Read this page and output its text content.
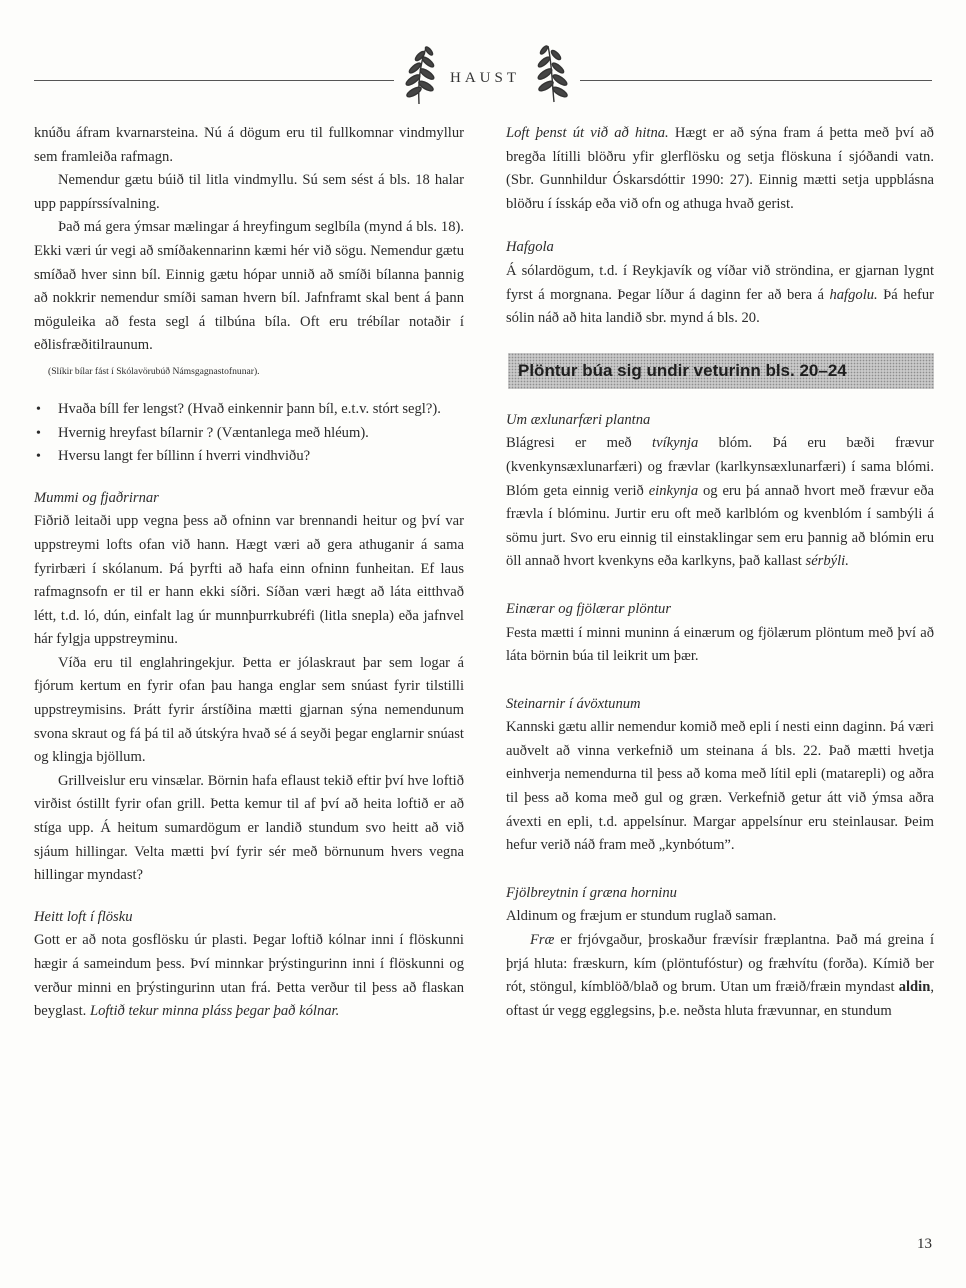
HAUST

knúðu áfram kvarnarsteina. Nú á dögum eru til fullkomnar vindmyllur sem framleiða rafmagn.

Nemendur gætu búið til litla vindmyllu. Sú sem sést á bls. 18 halar upp pappírssívalning.

Það má gera ýmsar mælingar á hreyfingum seglbíla (mynd á bls. 18). Ekki væri úr vegi að smíðakennarinn kæmi hér við sögu. Nemendur gætu smíðað hver sinn bíl. Einnig gætu hópar unnið að smíði bílanna þannig að nokkrir nemendur smíði saman hvern bíl. Jafnframt skal bent á þann möguleika að festa segl á tilbúna bíla. Oft eru trébílar notaðir í eðlisfræðitilraunum.

(Slíkir bílar fást í Skólavörubúð Námsgagnastofnunar).

• Hvaða bíll fer lengst? (Hvað einkennir þann bíl, e.t.v. stórt segl?).
• Hvernig hreyfast bílarnir ? (Væntanlega með hléum).
• Hversu langt fer bíllinn í hverri vindhviðu?
Mummi og fjaðrirnar

Fiðrið leitaði upp vegna þess að ofninn var brennandi heitur og því var uppstreymi lofts ofan við hann. Hægt væri að gera athuganir á sama fyrirbæri í skólanum. Þá þyrfti að hafa einn ofninn funheitan. Ef laus rafmagnsofn er til er hann ekki síðri. Síðan væri hægt að láta eitthvað létt, t.d. ló, dún, einfalt lag úr munnþurrkubréfi (litla snepla) eða jafnvel hár fylgja uppstreyminu.

Víða eru til englahringekjur. Þetta er jólaskraut þar sem logar á fjórum kertum en fyrir ofan þau hanga englar sem snúast fyrir tilstilli uppstreymisins. Þrátt fyrir árstíðina mætti gjarnan sýna nemendunum svona skraut og fá þá til að útskýra hvað sé á seyði þegar englarnir snúast og klingja bjöllum.

Grillveislur eru vinsælar. Börnin hafa eflaust tekið eftir því hve loftið virðist óstillt fyrir ofan grill. Þetta kemur til af því að heita loftið er að stíga upp. Á heitum sumardögum er landið stundum svo heitt að við sjáum hillingar. Velta mætti því fyrir sér með börnunum hvers vegna hillingar myndast?

Heitt loft í flösku

Gott er að nota gosflösku úr plasti. Þegar loftið kólnar inni í flöskunni hægir á sameindum þess. Því minnkar þrýstingurinn inni í flöskunni og verður minni en þrýstingurinn utan frá. Þetta verður til þess að flaskan beyglast. Loftið tekur minna pláss þegar það kólnar.

Loft þenst út við að hitna. Hægt er að sýna fram á þetta með því að bregða lítilli blöðru yfir glerflösku og setja flöskuna í sjóðandi vatn. (Sbr. Gunnhildur Óskarsdóttir 1990: 27). Einnig mætti setja uppblásna blöðru í ísskáp eða við ofn og athuga hvað gerist.

Hafgola

Á sólardögum, t.d. í Reykjavík og víðar við ströndina, er gjarnan lygnt fyrst á morgnana. Þegar líður á daginn fer að bera á hafgolu. Þá hefur sólin náð að hita landið sbr. mynd á bls. 20.

Plöntur búa sig undir veturinn bls. 20–24
Um æxlunarfæri plantna

Blágresi er með tvíkynja blóm. Þá eru bæði frævur (kvenkynsæxlunarfæri) og frævlar (karlkynsæxlunarfæri) í sama blómi. Blóm geta einnig verið einkynja og eru þá annað hvort með frævur eða frævla í blóminu. Jurtir eru oft með karlblóm og kvenblóm í sambýli á sömu jurt. Svo eru einnig til einstaklingar sem eru þannig að blómin eru öll annað hvort kvenkyns eða karlkyns, það kallast sérbýli.

Einærar og fjölærar plöntur

Festa mætti í minni muninn á einærum og fjölærum plöntum með því að láta börnin búa til leikrit um þær.

Steinarnir í ávöxtunum

Kannski gætu allir nemendur komið með epli í nesti einn daginn. Þá væri auðvelt að vinna verkefnið um steinana á bls. 22. Það mætti hvetja einhverja nemendurna til þess að koma með lítil epli (matarepli) og aðra til þess að koma með gul og græn. Verkefnið getur átt við ýmsa aðra ávexti en epli, t.d. appelsínur. Margar appelsínur eru steinlausar. Þeim hefur verið náð fram með „kynbótum”.

Fjölbreytnin í græna horninu

Aldinum og fræjum er stundum ruglað saman.

Fræ er frjóvgaður, þroskaður frævísir fræplantna. Það má greina í þrjá hluta: fræskurn, kím (plöntufóstur) og fræhvítu (forða). Kímið ber rót, stöngul, kímblöð/blað og brum. Utan um fræið/fræin myndast aldin, oftast úr vegg egglegsins, þ.e. neðsta hluta frævunnar, en stundum

13
